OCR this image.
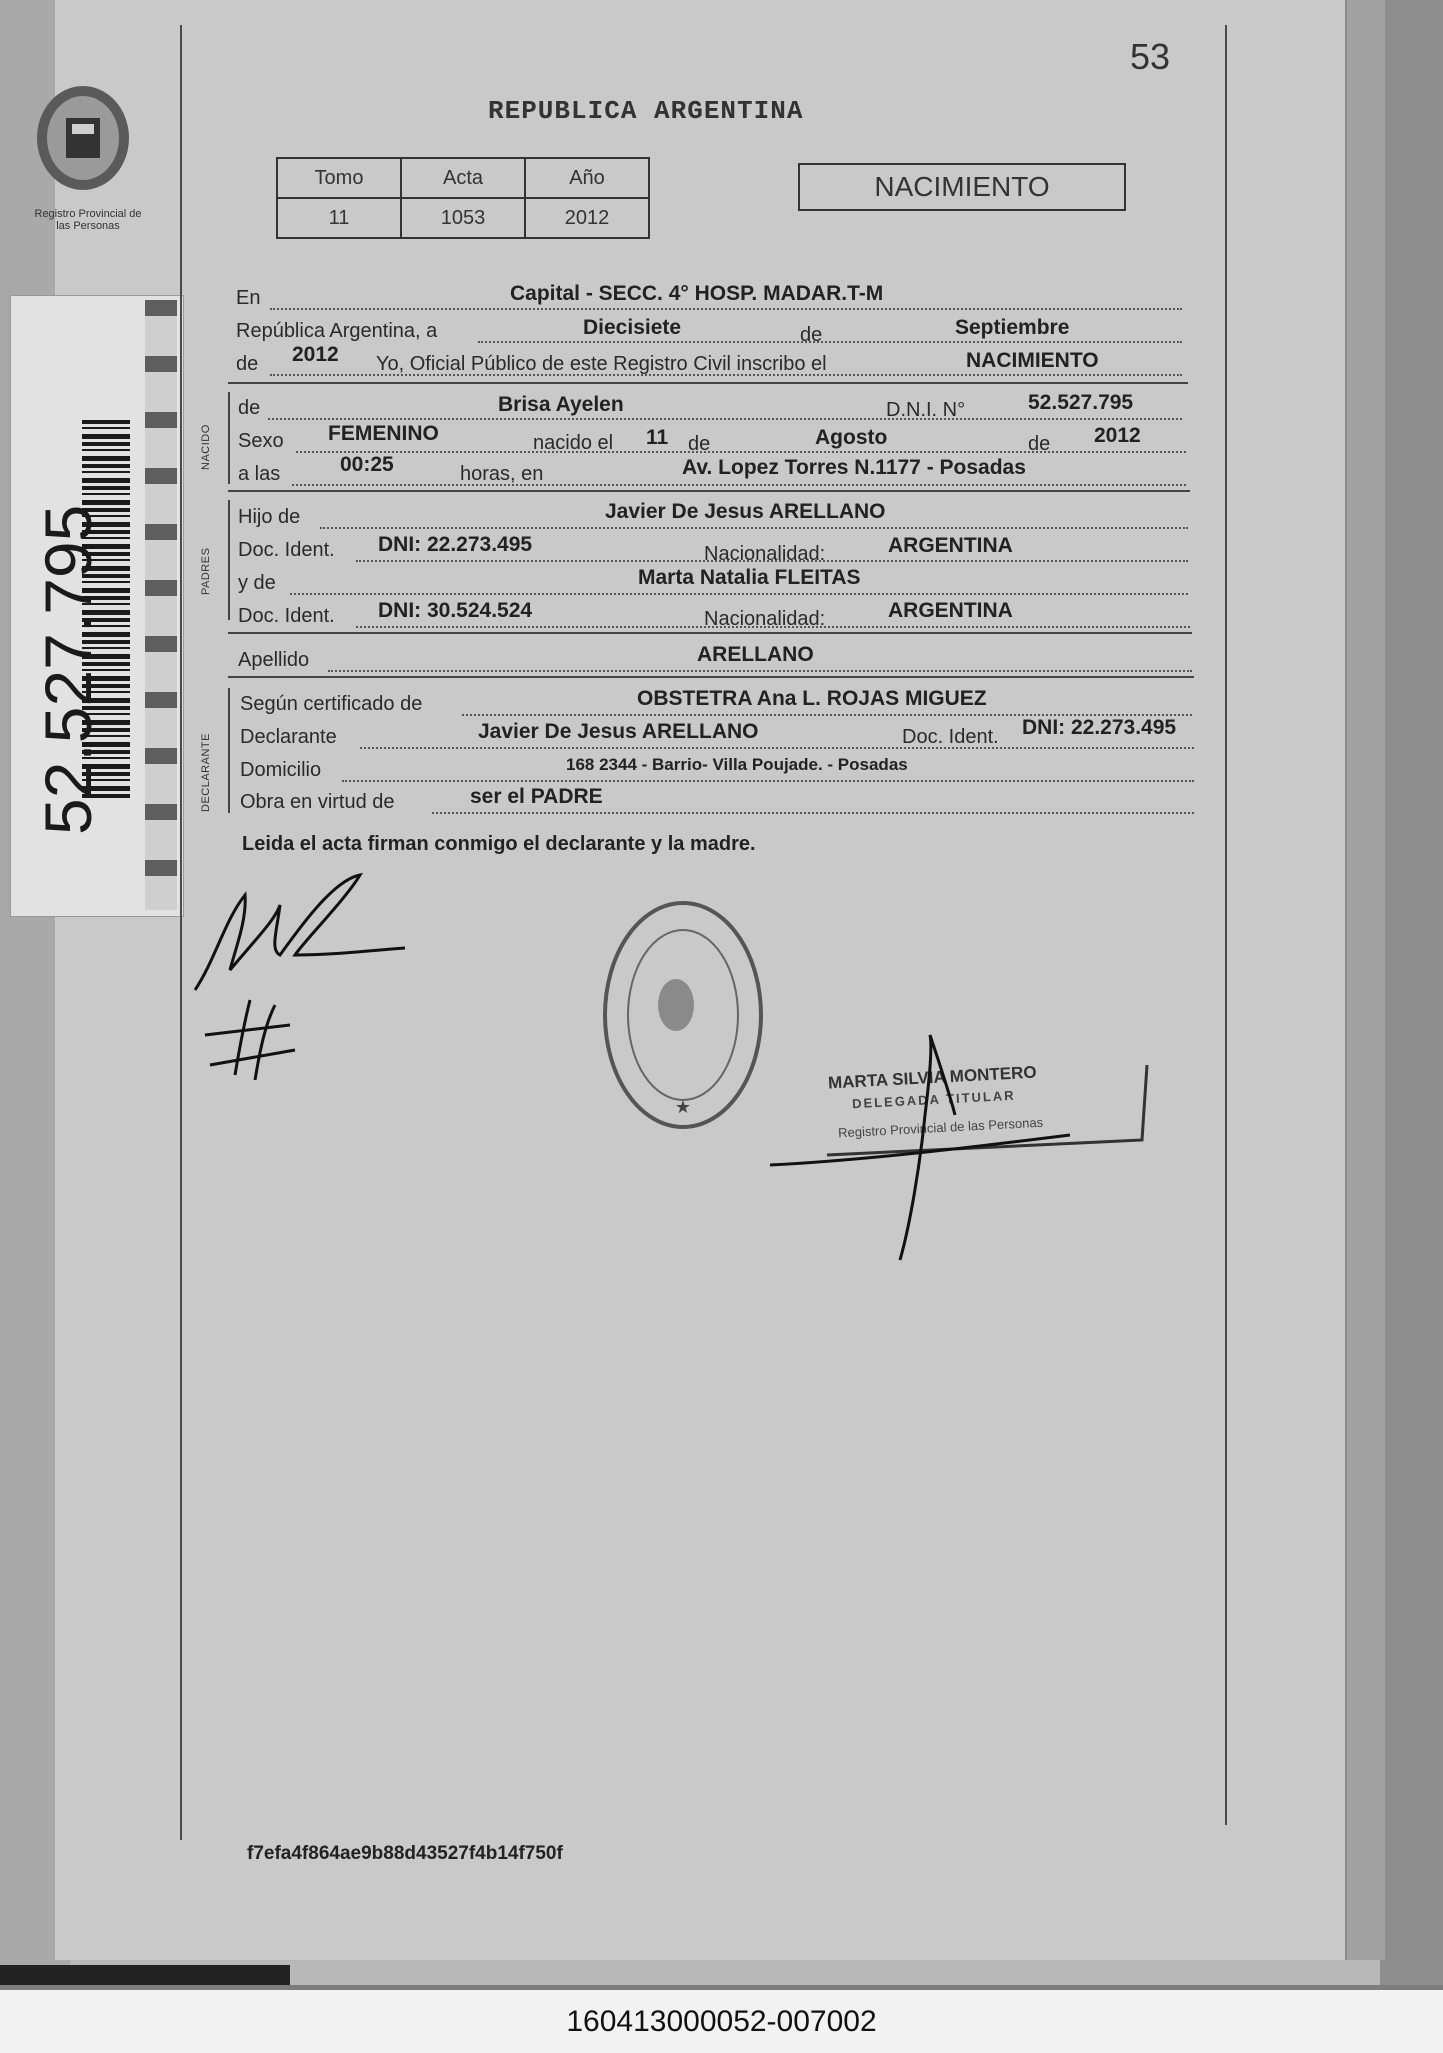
52.527.795
Registro Provincial de las Personas
53
REPUBLICA ARGENTINA
Tomo	Acta	Año
11	1053	2012
NACIMIENTO
En	Capital - SECC. 4° HOSP. MADAR.T-M
República Argentina, a	Diecisiete	de	Septiembre
de 2012 Yo, Oficial Público de este Registro Civil inscribo el	NACIMIENTO
NACIDO
de	Brisa Ayelen	D.N.I. N°	52.527.795
Sexo FEMENINO	nacido el 11 de	Agosto	de 2012
a las	00:25	horas, en	Av. Lopez Torres N.1177 - Posadas
PADRES
Hijo de	Javier De Jesus ARELLANO
Doc. Ident. DNI: 22.273.495	Nacionalidad:	ARGENTINA
y de	Marta Natalia FLEITAS
Doc. Ident. DNI: 30.524.524	Nacionalidad:	ARGENTINA
Apellido	ARELLANO
DECLARANTE
Según certificado de	OBSTETRA Ana L. ROJAS MIGUEZ
Declarante	Javier De Jesus ARELLANO	Doc. Ident. DNI: 22.273.495
Domicilio	168 2344 - Barrio- Villa Poujade. - Posadas
Obra en virtud de	ser el PADRE
Leida el acta firman conmigo el declarante y la madre.
★
MARTA SILVIA MONTERO
DELEGADA TITULAR
Registro Provincial de las Personas
f7efa4f864ae9b88d43527f4b14f750f
160413000052-007002
